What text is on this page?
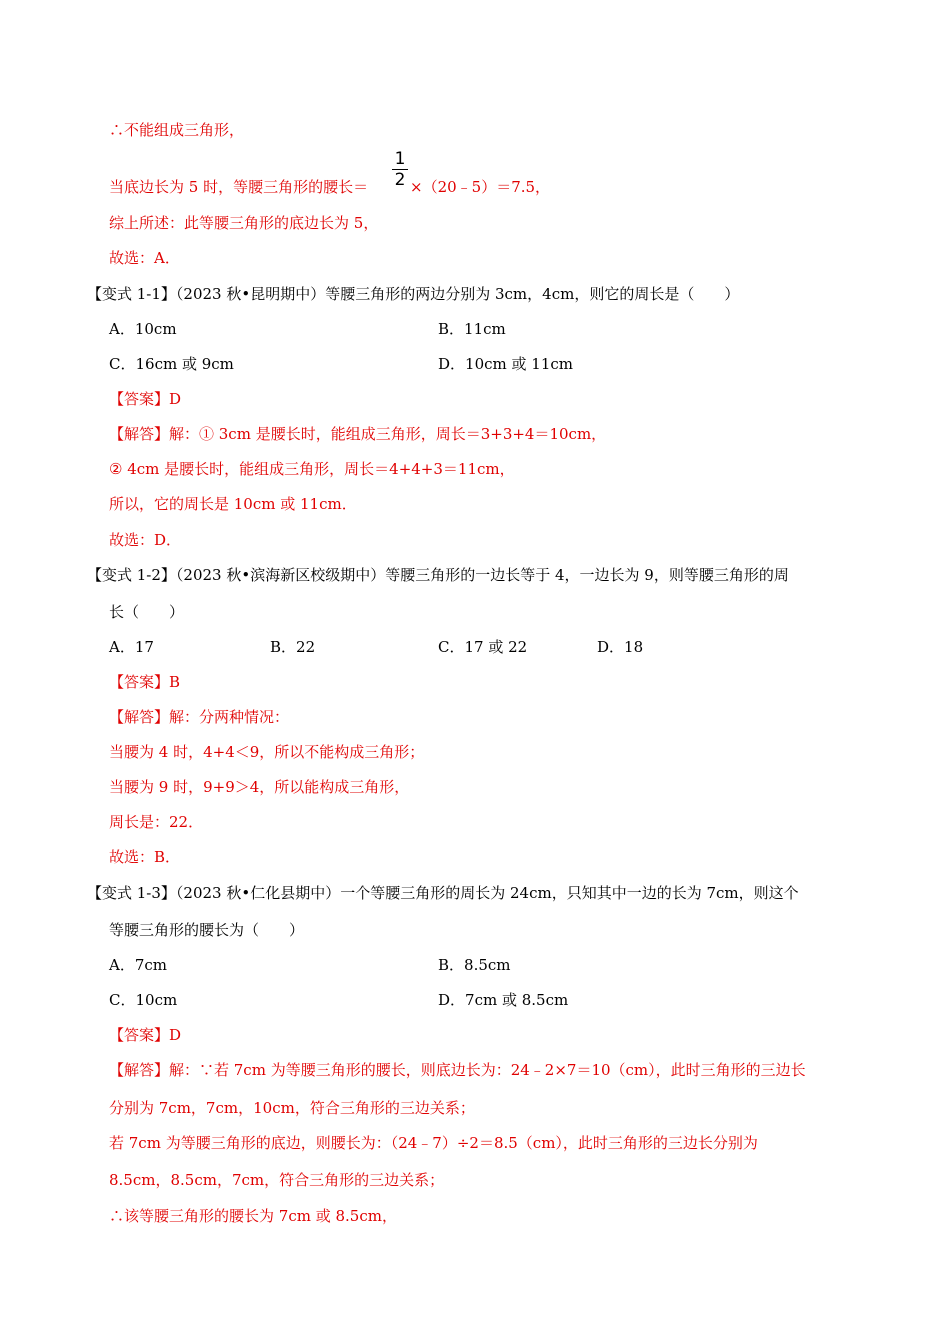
∴不能组成三角形，
1
2
当底边长为 5 时，等腰三角形的腰长＝	×（20﹣5）＝7.5，
综上所述：此等腰三角形的底边长为 5，
故选：A．
【变式 1-1】（2023 秋•昆明期中）等腰三角形的两边分别为 3cm，4cm，则它的周长是（　　）
A．10cm	B．11cm
C．16cm 或 9cm	D．10cm 或 11cm
【答案】D
【解答】解：① 3cm 是腰长时，能组成三角形，周长＝3+3+4＝10cm，
② 4cm 是腰长时，能组成三角形，周长＝4+4+3＝11cm，
所以，它的周长是 10cm 或 11cm．
故选：D．
【变式 1-2】（2023 秋•滨海新区校级期中）等腰三角形的一边长等于 4，一边长为 9，则等腰三角形的周
长（　　）
A．17	B．22	C．17 或 22	D．18
【答案】B
【解答】解：分两种情况：
当腰为 4 时，4+4＜9，所以不能构成三角形；
当腰为 9 时，9+9＞4，所以能构成三角形，
周长是：22．
故选：B．
【变式 1-3】（2023 秋•仁化县期中）一个等腰三角形的周长为 24cm，只知其中一边的长为 7cm，则这个
等腰三角形的腰长为（　　）
A．7cm	B．8.5cm
C．10cm	D．7cm 或 8.5cm
【答案】D
【解答】解：∵若 7cm 为等腰三角形的腰长，则底边长为：24﹣2×7＝10（cm），此时三角形的三边长
分别为 7cm，7cm，10cm，符合三角形的三边关系；
若 7cm 为等腰三角形的底边，则腰长为：（24﹣7）÷2＝8.5（cm），此时三角形的三边长分别为
8.5cm，8.5cm，7cm，符合三角形的三边关系；
∴该等腰三角形的腰长为 7cm 或 8.5cm，
